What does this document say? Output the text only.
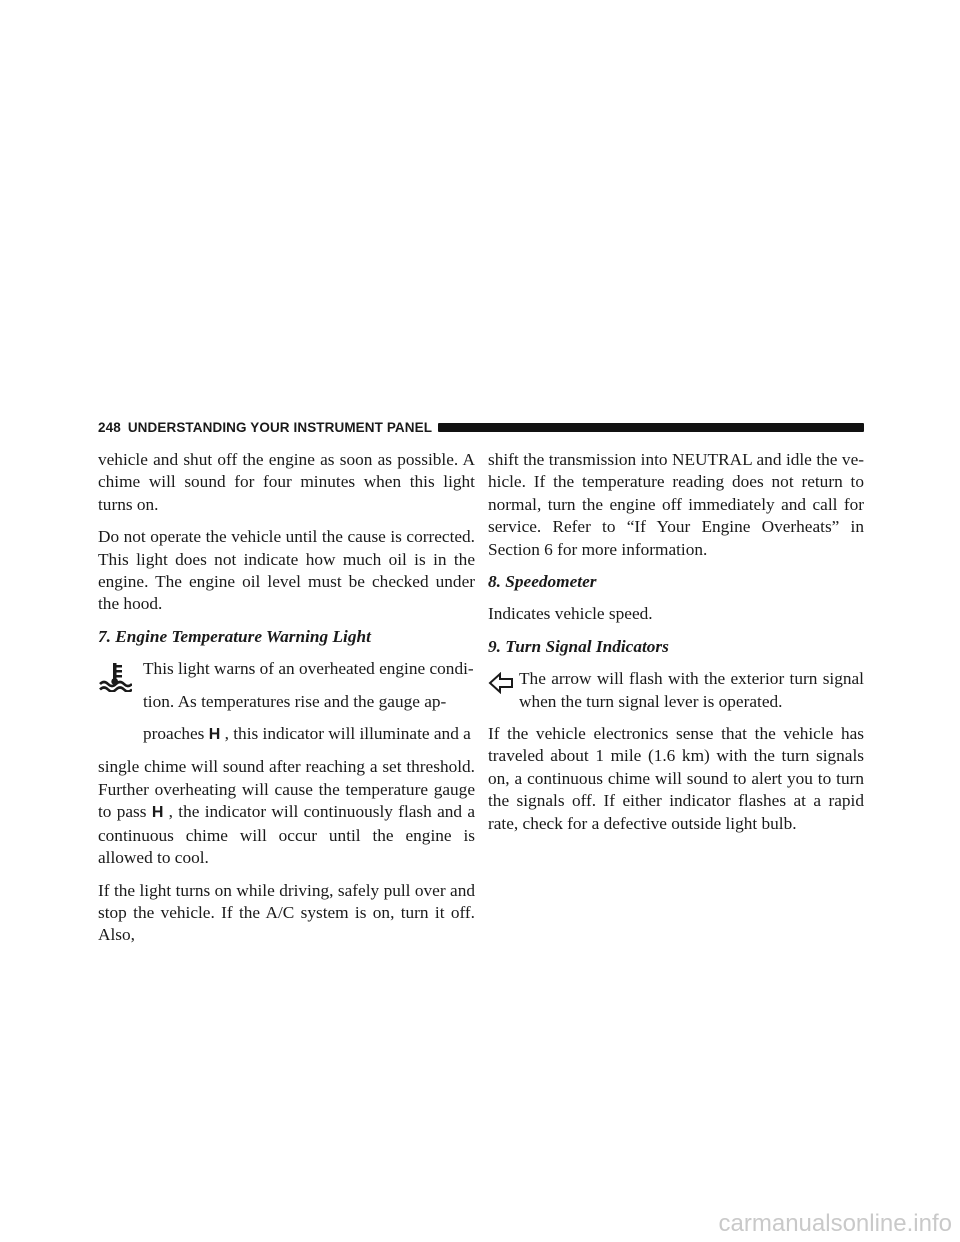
248 UNDERSTANDING YOUR INSTRUMENT PANEL

vehicle and shut off the engine as soon as possible. A chime will sound for four minutes when this light turns on.

Do not operate the vehicle until the cause is corrected. This light does not indicate how much oil is in the engine. The engine oil level must be checked under the hood.

7. Engine Temperature Warning Light

This light warns of an overheated engine condi-

tion. As temperatures rise and the gauge ap-

proaches H , this indicator will illuminate and a

single chime will sound after reaching a set threshold. Further overheating will cause the temperature gauge to pass H , the indicator will continuously flash and a continuous chime will occur until the engine is allowed to cool.

If the light turns on while driving, safely pull over and stop the vehicle. If the A/C system is on, turn it off. Also,

shift the transmission into NEUTRAL and idle the ve- hicle. If the temperature reading does not return to normal, turn the engine off immediately and call for service. Refer to “If Your Engine Overheats” in Section 6 for more information.

8. Speedometer

Indicates vehicle speed.

9. Turn Signal Indicators

The arrow will flash with the exterior turn signal when the turn signal lever is operated.

If the vehicle electronics sense that the vehicle has traveled about 1 mile (1.6 km) with the turn signals on, a continuous chime will sound to alert you to turn the signals off. If either indicator flashes at a rapid rate, check for a defective outside light bulb.

carmanualsonline.info
